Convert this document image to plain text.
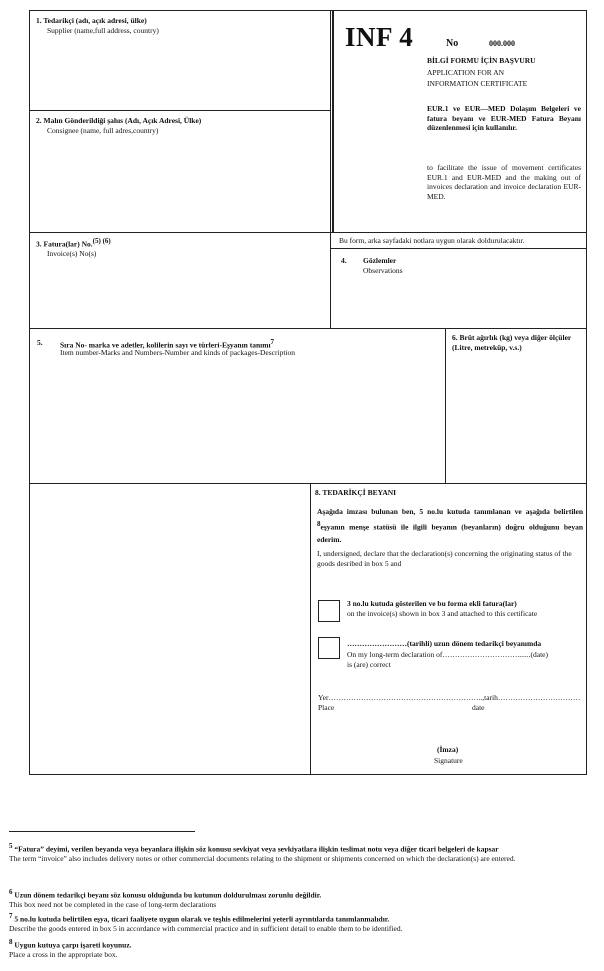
INF 4	No	000.000
BİLGİ FORMU İÇİN BAŞVURU
APPLICATION FOR AN
INFORMATION CERTIFICATE
EUR.1 ve EUR—MED Dolaşım Belgeleri ve fatura beyanı ve EUR-MED Fatura Beyanı düzenlenmesi için kullanılır.
to facilitate the issue of movement certificates EUR.1 and EUR-MED and the making out of invoices declaration and invoice declaration EUR-MED.
1. Tedarikçi (adı, açık adresi, ülke)
Supplier (name,full address, country)
2. Malın Gönderildiği şahıs (Adı, Açık Adresi, Ülke)
Consignee (name, full adres,country)
3. Fatura(lar) No.(5) (6)
Invoice(s) No(s)
Bu form, arka sayfadaki notlara uygun olarak doldurulacaktır.
4. Gözlemler
Observations
5. Sıra No- marka ve adetler, kolilerin sayı ve türleri-Eşyanın tanımı7
Item number-Marks and Numbers-Number and kinds of packages-Description
6. Brüt ağırlık (kg) veya diğer ölçüler (Litre, metreküp, v.s.)
8. TEDARİKÇİ BEYANI
Aşağıda imzası bulunan ben, 5 no.lu kutuda tanımlanan ve aşağıda belirtilen 8eşyanın menşe statüsü ile ilgili beyanın (beyanların) doğru olduğunu beyan ederim.
I, undersigned, declare that the declaration(s) concerning the originating status of the goods desribed in box 5 and
3 no.lu kutuda gösterilen ve bu forma ekli fatura(lar)
on the invoice(s) shown in box 3 and attached to this certificate
……………………(tarihli) uzun dönem tedarikçi beyanımda
On my long-term declaration of………………………….......(date)
is (are) correct
Yer……………………………………………………..,tarih……………………………
Place	date
(İmza)
Signature
5 “Fatura” deyimi, verilen beyanda veya beyanlara ilişkin söz konusu sevkiyat veya sevkiyatlara ilişkin teslimat notu veya diğer ticari belgeleri de kapsar
The term “invoice” also includes delivery notes or other commercial documents relating to the shipment or shipments concerned on which the declaration(s) are entered.
6 Uzun dönem tedarikçi beyanı söz konusu olduğunda bu kutunun doldurulması zorunlu değildir.
This box need not be completed in the case of long-term declarations
7 5 no.lu kutuda belirtilen eşya, ticari faaliyete uygun olarak ve teşhis edilmelerini yeterli ayrıntılarda tanımlanmalıdır.
Describe the goods entered in box 5 in accordance with commercial practice and in sufficient detail to enable them to be identified.
8 Uygun kutuya çarpı işareti koyunuz.
Place a cross in the appropriate box.
